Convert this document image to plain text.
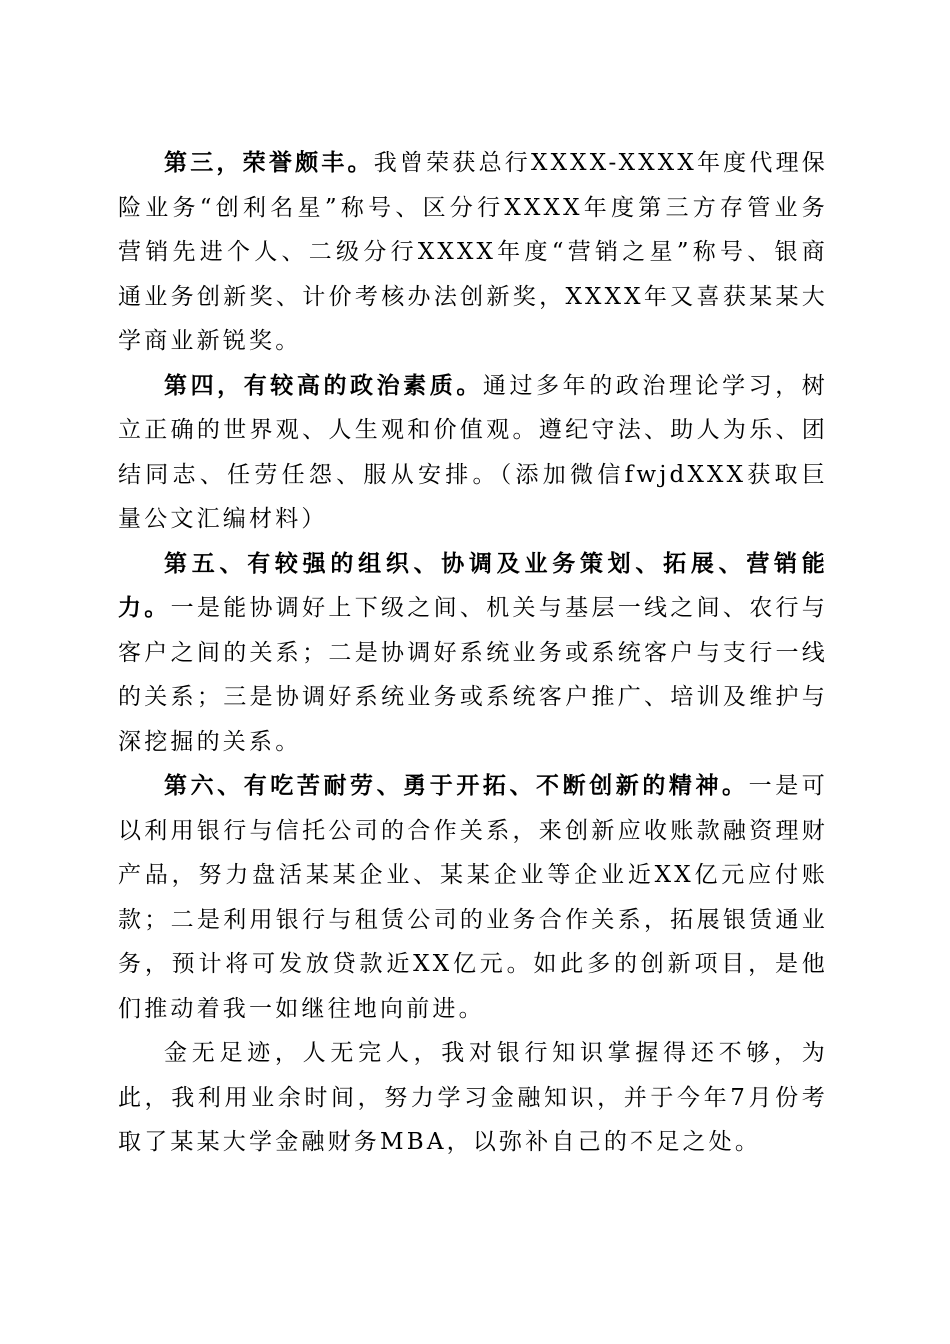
第三，荣誉颇丰。我曾荣获总行XXXX-XXXX年度代理保险业务“创利名星”称号、区分行XXXX年度第三方存管业务营销先进个人、二级分行XXXX年度“营销之星”称号、银商通业务创新奖、计价考核办法创新奖，XXXX年又喜获某某大学商业新锐奖。

第四，有较高的政治素质。通过多年的政治理论学习，树立正确的世界观、人生观和价值观。遵纪守法、助人为乐、团结同志、任劳任怨、服从安排。（添加微信fwjdXXX获取巨量公文汇编材料）

第五、有较强的组织、协调及业务策划、拓展、营销能力。一是能协调好上下级之间、机关与基层一线之间、农行与客户之间的关系；二是协调好系统业务或系统客户与支行一线的关系；三是协调好系统业务或系统客户推广、培训及维护与深挖掘的关系。

第六、有吃苦耐劳、勇于开拓、不断创新的精神。一是可以利用银行与信托公司的合作关系，来创新应收账款融资理财产品，努力盘活某某企业、某某企业等企业近XX亿元应付账款；二是利用银行与租赁公司的业务合作关系，拓展银赁通业务，预计将可发放贷款近XX亿元。如此多的创新项目，是他们推动着我一如继往地向前进。

金无足迹，人无完人，我对银行知识掌握得还不够，为此，我利用业余时间，努力学习金融知识，并于今年7月份考取了某某大学金融财务MBA，以弥补自己的不足之处。
